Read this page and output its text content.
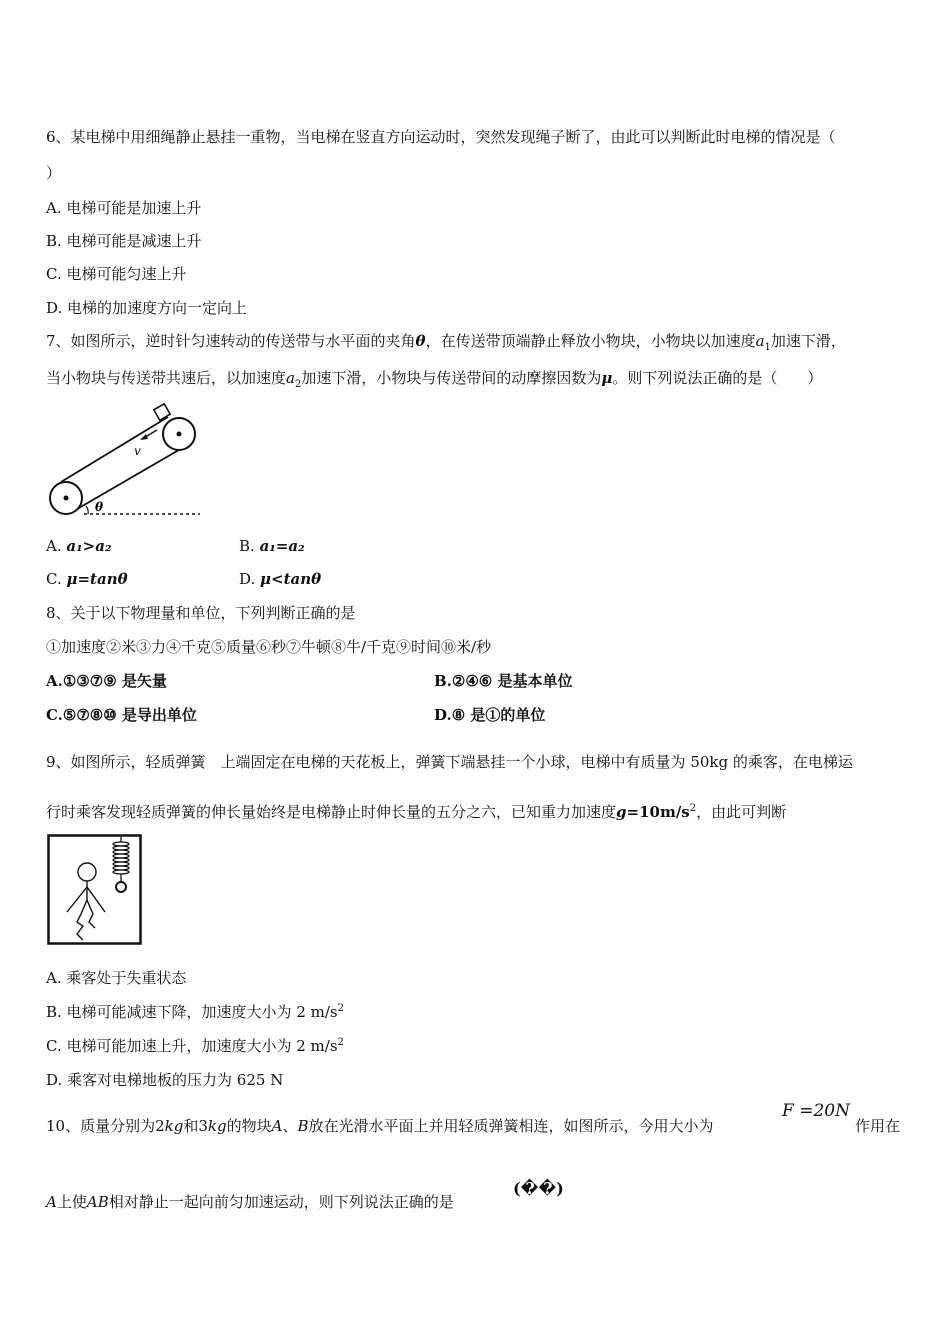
6、某电梯中用细绳静止悬挂一重物，当电梯在竖直方向运动时，突然发现绳子断了，由此可以判断此时电梯的情况是（
）
A. 电梯可能是加速上升
B. 电梯可能是减速上升
C. 电梯可能匀速上升
D. 电梯的加速度方向一定向上
7、如图所示，逆时针匀速转动的传送带与水平面的夹角θ，在传送带顶端静止释放小物块，小物块以加速度$a_1$加速下滑，
当小物块与传送带共速后，以加速度$a_2$加速下滑，小物块与传送带间的动摩擦因数为μ。则下列说法正确的是（　　）
v
θ
A. a₁>a₂	B. a₁=a₂
C. μ=tanθ	D. μ<tanθ
8、关于以下物理量和单位，下列判断正确的是
①加速度②米③力④千克⑤质量⑥秒⑦牛顿⑧牛/千克⑨时间⑩米/秒
A.①③⑦⑨ 是矢量	B.②④⑥ 是基本单位
C.⑤⑦⑧⑩ 是导出单位	D.⑧ 是①的单位
9、如图所示，轻质弹簧　上端固定在电梯的天花板上，弹簧下端悬挂一个小球，电梯中有质量为 50kg 的乘客，在电梯运
行时乘客发现轻质弹簧的伸长量始终是电梯静止时伸长量的五分之六，已知重力加速度$g=10m/s^2$，由此可判断
A. 乘客处于失重状态
B. 电梯可能减速下降，加速度大小为 2 $m/s^2$
C. 电梯可能加速上升，加速度大小为 2 $m/s^2$
D. 乘客对电梯地板的压力为 625 N
10、质量分别为2kg和3kg的物块A、B放在光滑水平面上并用轻质弹簧相连，如图所示，今用大小为
F =20N
作用在
A上使AB相对静止一起向前匀加速运动，则下列说法正确的是
(��)
